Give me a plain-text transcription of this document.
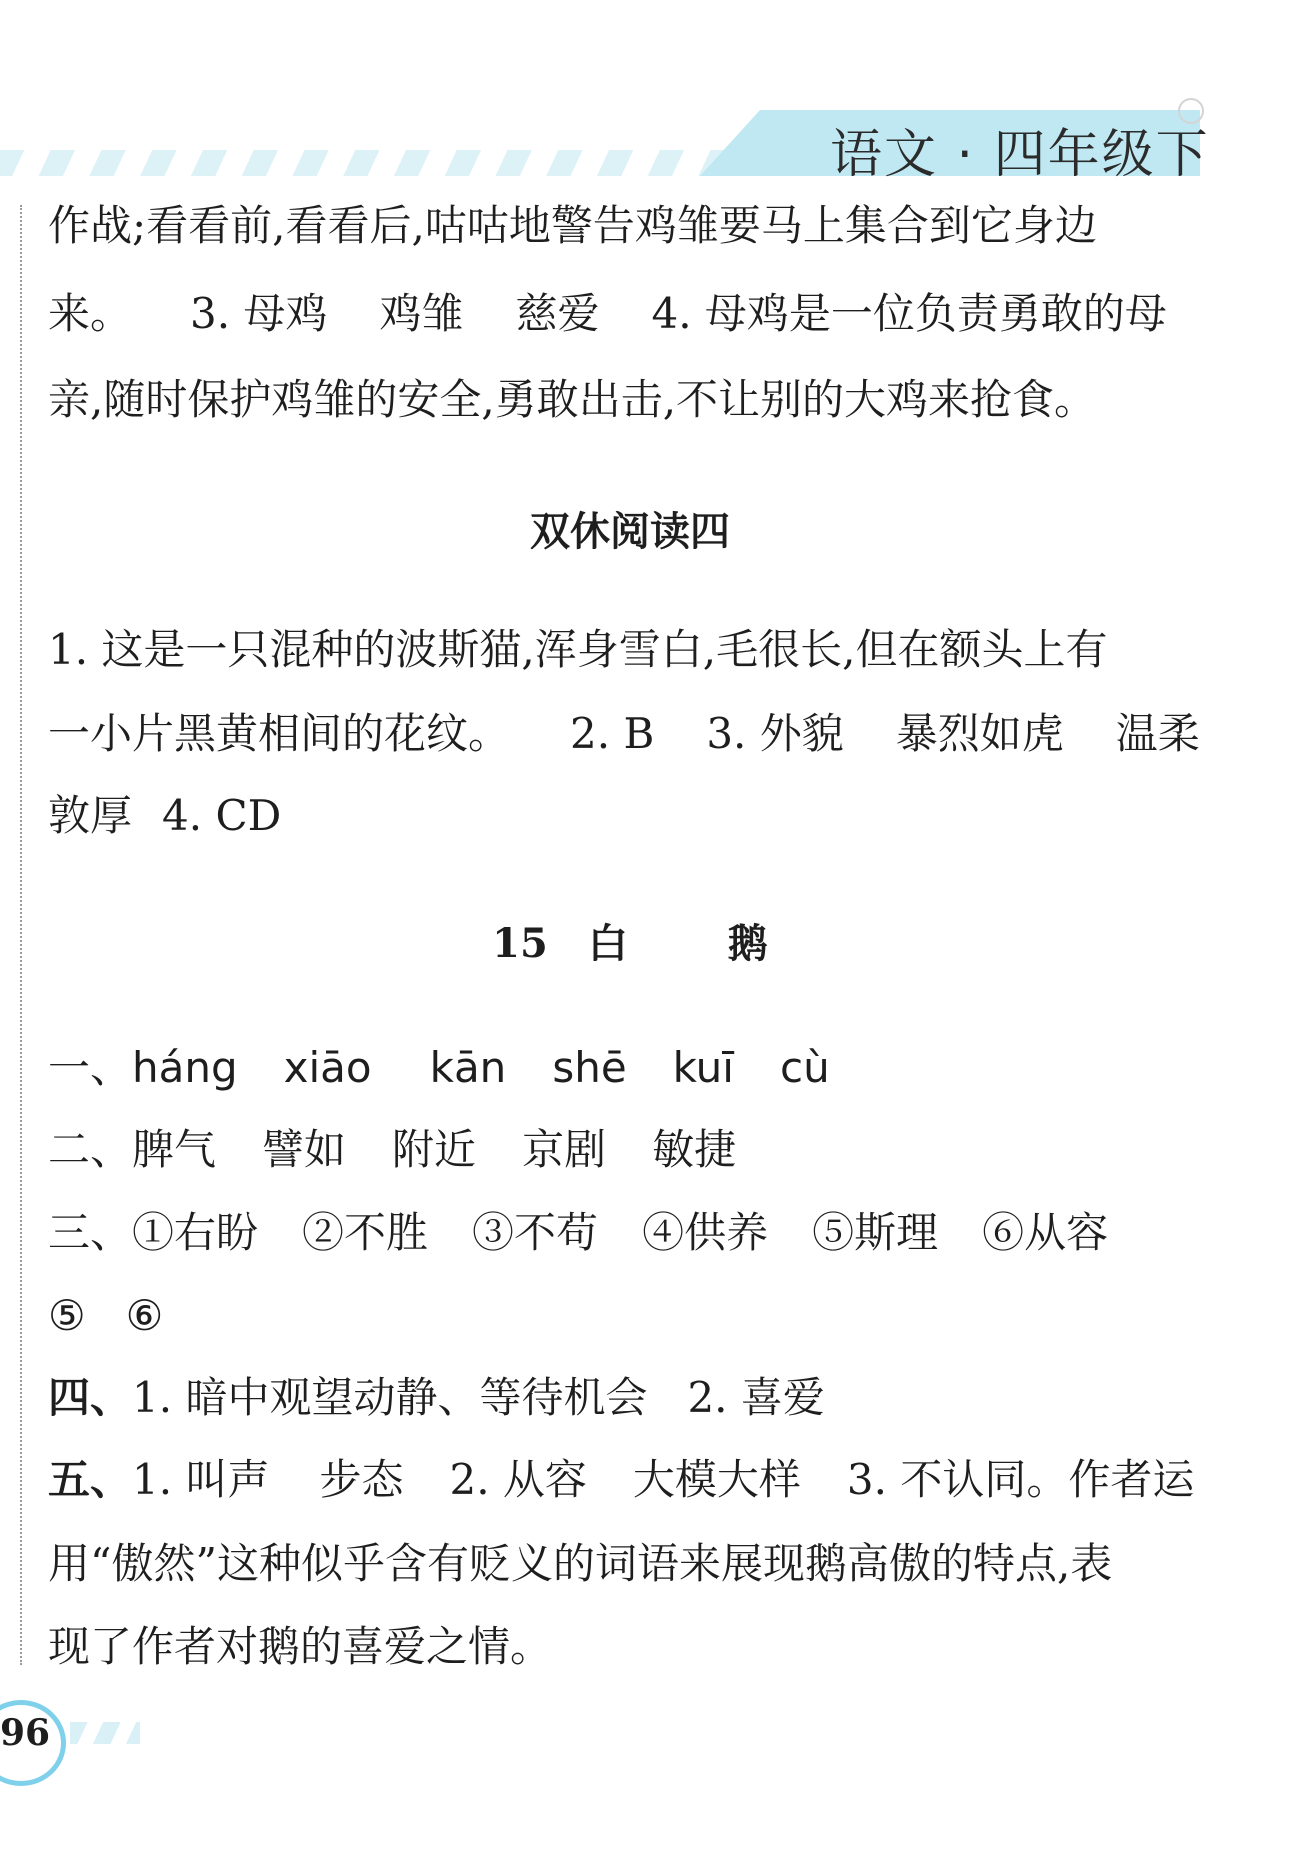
语文 · 四年级下
作战;看看前,看看后,咕咕地警告鸡雏要马上集合到它身边
来。 3. 母鸡 鸡雏 慈爱 4. 母鸡是一位负责勇敢的母
亲,随时保护鸡雏的安全,勇敢出击,不让别的大鸡来抢食。
双休阅读四
1. 这是一只混种的波斯猫,浑身雪白,毛很长,但在额头上有
一小片黑黄相间的花纹。 2. B 3. 外貌 暴烈如虎 温柔
敦厚 4. CD
15 白	鹅
一、háng xiāo kān shē kuī cù
二、脾气 譬如 附近 京剧 敏捷
三、①右盼 ②不胜 ③不苟 ④供养 ⑤斯理 ⑥从容
⑤ ⑥
四、1. 暗中观望动静、等待机会 2. 喜爱
五、1. 叫声 步态 2. 从容 大模大样 3. 不认同。作者运
用“傲然”这种似乎含有贬义的词语来展现鹅高傲的特点,表
现了作者对鹅的喜爱之情。
96
